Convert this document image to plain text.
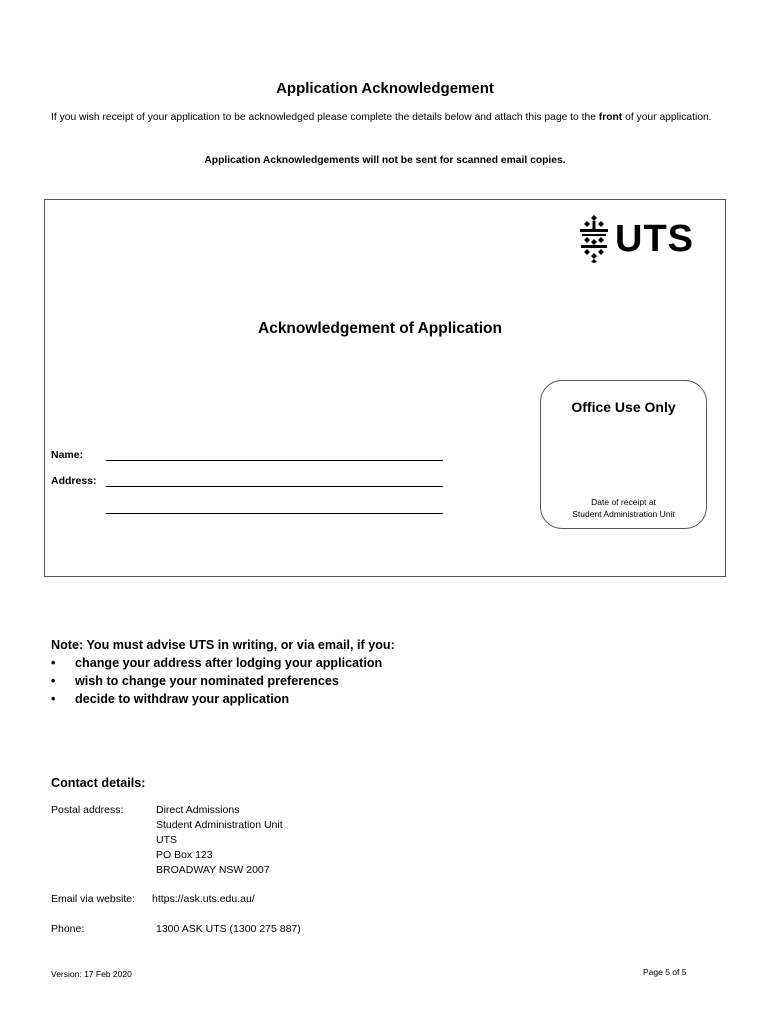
Application Acknowledgement
If you wish receipt of your application to be acknowledged please complete the details below and attach this page to the front of your application.
Application Acknowledgements will not be sent for scanned email copies.
UTS
Acknowledgement of Application
Name:
Address:
Office Use Only
Date of receipt at
Student Administration Unit
Note: You must advise UTS in writing, or via email, if you:
• change your address after lodging your application
• wish to change your nominated preferences
• decide to withdraw your application
Contact details:
Postal address:	Direct Admissions
Student Administration Unit
UTS
PO Box 123
BROADWAY NSW 2007
Email via website: https://ask.uts.edu.au/
Phone:	1300 ASK UTS (1300 275 887)
Version: 17 Feb 2020	Page 5 of 5
